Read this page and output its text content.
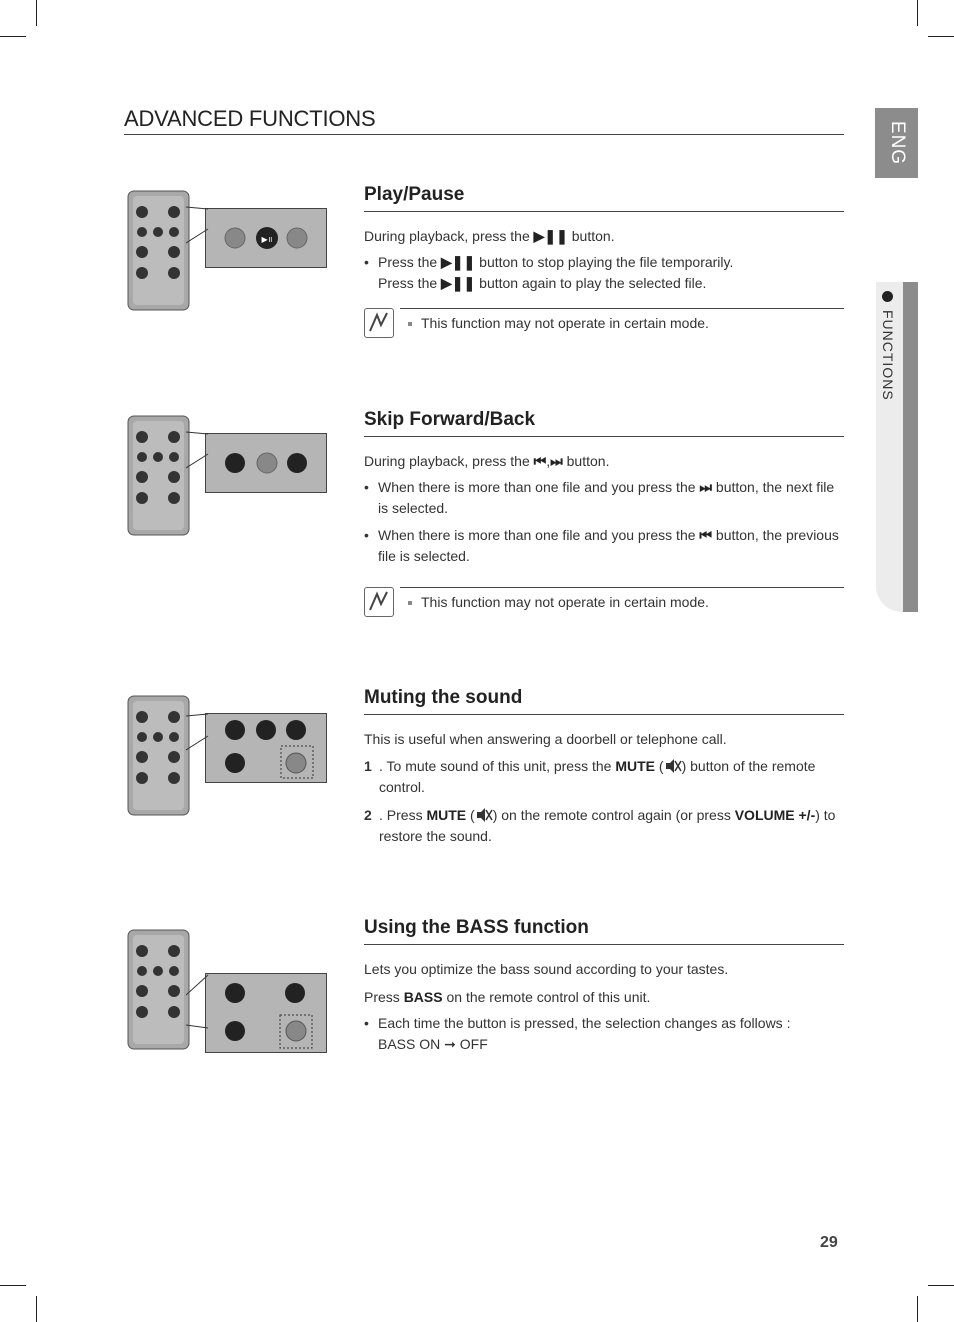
ADVANCED FUNCTIONS
ENG
FUNCTIONS
▶॥
Play/Pause
During playback, press the ▶❚❚ button.
• Press the ▶❚❚ button to stop playing the file temporarily.
Press the ▶❚❚ button again to play the selected file.
This function may not operate in certain mode.
Skip Forward/Back
During playback, press the ⏮,⏭ button.
• When there is more than one file and you press the ⏭ button, the next file is selected.
• When there is more than one file and you press the ⏮ button, the previous file is selected.
This function may not operate in certain mode.
Muting the sound
This is useful when answering a doorbell or telephone call.
1 . To mute sound of this unit, press the MUTE ( ) button of the remote control.
2 . Press MUTE ( ) on the remote control again (or press VOLUME +/-) to restore the sound.
Using the BASS function
Lets you optimize the bass sound according to your tastes.
Press BASS on the remote control of this unit.
• Each time the button is pressed, the selection changes as follows :
BASS ON ➞ OFF
29
